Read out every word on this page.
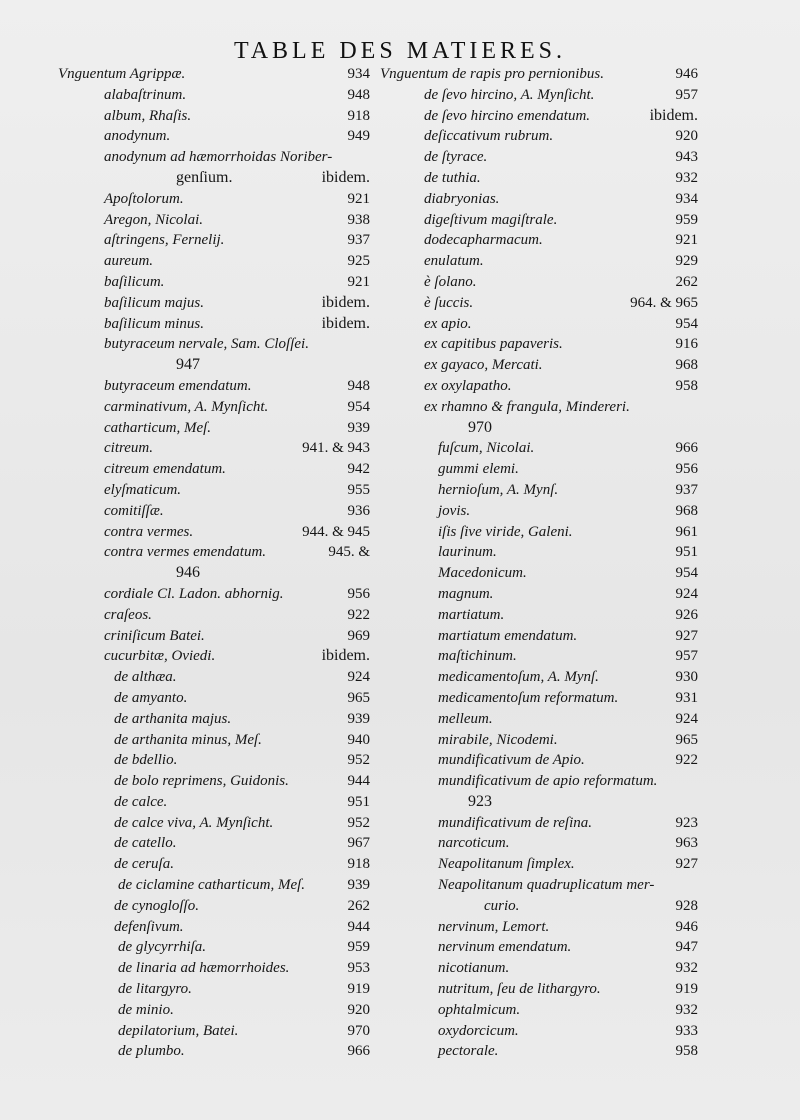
TABLE DES MATIERES.
Vnguentum Agrippæ.	934
alabaſtrinum.	948
album, Rhaſis.	918
anodynum.	949
anodynum ad hæmorrhoidas Noriber-
genſium.	ibidem.
Apoſtolorum.	921
Aregon, Nicolai.	938
aſtringens, Fernelij.	937
aureum.	925
baſilicum.	921
baſilicum majus.	ibidem.
baſilicum minus.	ibidem.
butyraceum nervale, Sam. Cloſſei.
947
butyraceum emendatum.	948
carminativum, A. Mynſicht.	954
catharticum, Meſ.	939
citreum.	941. & 943
citreum emendatum.	942
elyſmaticum.	955
comitiſſæ.	936
contra vermes.	944. & 945
contra vermes emendatum.	945. &
946
cordiale Cl. Ladon. abhornig.	956
craſeos.	922
criniſicum Batei.	969
cucurbitæ, Oviedi.	ibidem.
de althæa.	924
de amyanto.	965
de arthanita majus.	939
de arthanita minus, Meſ.	940
de bdellio.	952
de bolo reprimens, Guidonis.	944
de calce.	951
de calce viva, A. Mynſicht.	952
de catello.	967
de ceruſa.	918
de ciclamine catharticum, Meſ.	939
de cynogloſſo.	262
defenſivum.	944
de glycyrrhiſa.	959
de linaria ad hæmorrhoides.	953
de litargyro.	919
de minio.	920
depilatorium, Batei.	970
de plumbo.	966
Vnguentum de rapis pro pernionibus.	946
de ſevo hircino, A. Mynſicht.	957
de ſevo hircino emendatum.	ibidem.
deſiccativum rubrum.	920
de ſtyrace.	943
de tuthia.	932
diabryonias.	934
digeſtivum magiſtrale.	959
dodecapharmacum.	921
enulatum.	929
è ſolano.	262
è ſuccis.	964. & 965
ex apio.	954
ex capitibus papaveris.	916
ex gayaco, Mercati.	968
ex oxylapatho.	958
ex rhamno & frangula, Mindereri.
970
fuſcum, Nicolai.	966
gummi elemi.	956
hernioſum, A. Mynſ.	937
jovis.	968
iſis ſive viride, Galeni.	961
laurinum.	951
Macedonicum.	954
magnum.	924
martiatum.	926
martiatum emendatum.	927
maſtichinum.	957
medicamentoſum, A. Mynſ.	930
medicamentoſum reformatum.	931
melleum.	924
mirabile, Nicodemi.	965
mundificativum de Apio.	922
mundificativum de apio reformatum.
923
mundificativum de reſina.	923
narcoticum.	963
Neapolitanum ſimplex.	927
Neapolitanum quadruplicatum mer-
curio.	928
nervinum, Lemort.	946
nervinum emendatum.	947
nicotianum.	932
nutritum, ſeu de lithargyro.	919
ophtalmicum.	932
oxydorcicum.	933
pectorale.	958
